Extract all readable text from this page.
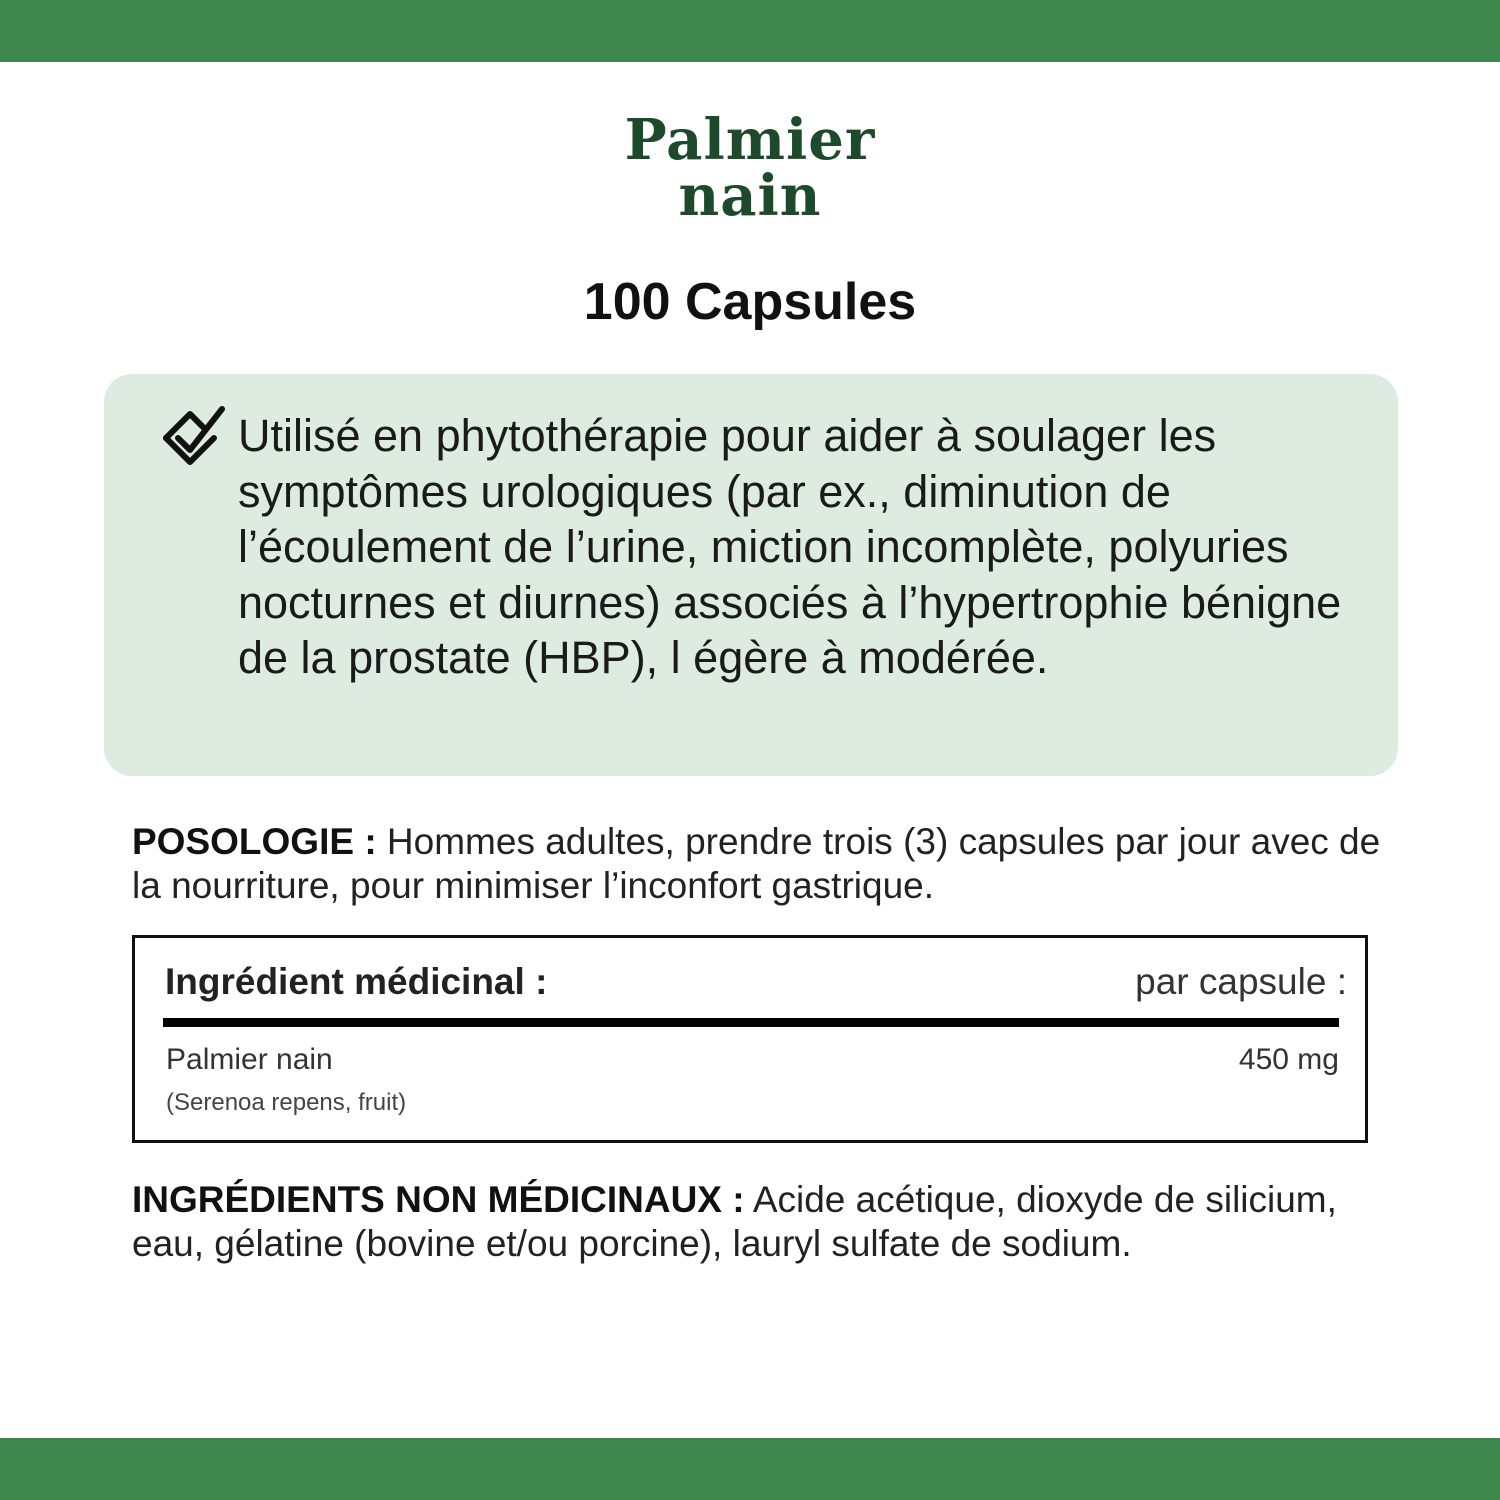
Palmier
nain
100 Capsules
Utilisé en phytothérapie pour aider à soulager les symptômes urologiques (par ex., diminution de l’écoulement de l’urine, miction incomplète, polyuries nocturnes et diurnes) associés à l’hypertrophie bénigne de la prostate (HBP), l égère à modérée.
POSOLOGIE : Hommes adultes, prendre trois (3) capsules par jour avec de la nourriture, pour minimiser l’inconfort gastrique.
Ingrédient médicinal :	par capsule :
Palmier nain
(Serenoa repens, fruit)
450 mg
INGRÉDIENTS NON MÉDICINAUX : Acide acétique, dioxyde de silicium, eau, gélatine (bovine et/ou porcine), lauryl sulfate de sodium.
